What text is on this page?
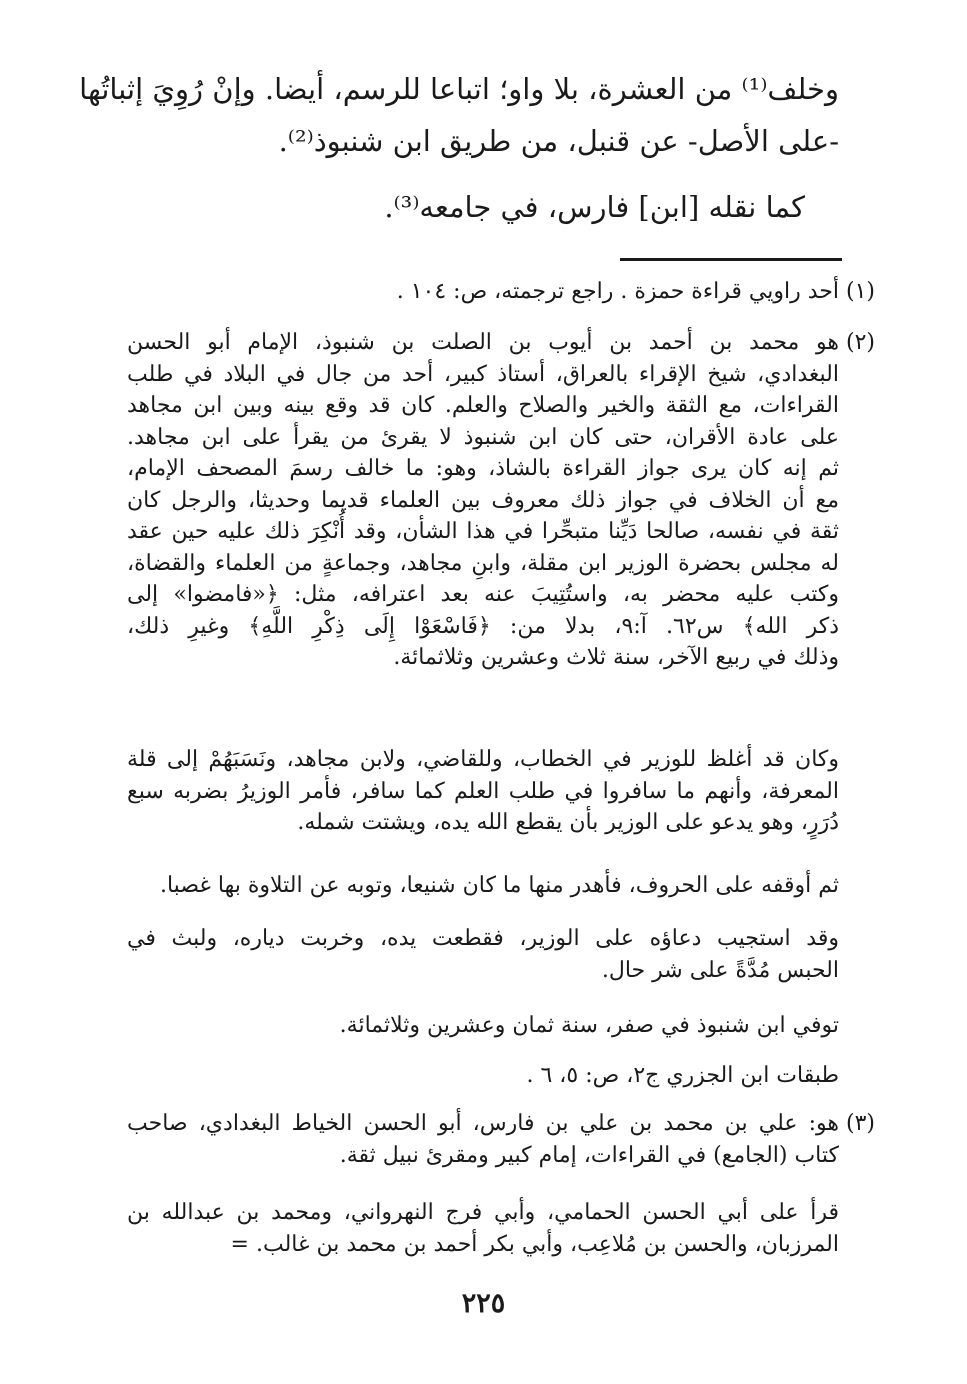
وخلف⁽¹⁾ من العشرة، بلا واو؛ اتباعا للرسم، أيضا. وإنْ رُوِيَ إثباتُها
-على الأصل- عن قنبل، من طريق ابن شنبوذ⁽²⁾.
كما نقله [ابن] فارس، في جامعه⁽³⁾.
(١)
أحد راويي قراءة حمزة . راجع ترجمته، ص: ١٠٤ .
(٢)
هو محمد بن أحمد بن أيوب بن الصلت بن شنبوذ، الإمام أبو الحسن
البغدادي، شيخ الإقراء بالعراق، أستاذ كبير، أحد من جال في البلاد في طلب
القراءات، مع الثقة والخير والصلاح والعلم. كان قد وقع بينه وبين ابن مجاهد
على عادة الأقران، حتى كان ابن شنبوذ لا يقرئ من يقرأ على ابن مجاهد.
ثم إنه كان يرى جواز القراءة بالشاذ، وهو: ما خالف رسمَ المصحف الإمام،
مع أن الخلاف في جواز ذلك معروف بين العلماء قديما وحديثا، والرجل كان
ثقة في نفسه، صالحا دَيِّنا متبحِّرا في هذا الشأن، وقد أُنْكِرَ ذلك عليه حين عقد
له مجلس بحضرة الوزير ابن مقلة، وابنِ مجاهد، وجماعةٍ من العلماء والقضاة،
وكتب عليه محضر به، واستُتِيبَ عنه بعد اعترافه، مثل: ﴿«فامضوا» إلى
ذكر الله﴾ س٦٢. آ:٩، بدلا من: ﴿فَاسْعَوْا إِلَى ذِكْرِ اللَّهِ﴾ وغيرِ ذلك،
وذلك في ربيع الآخر، سنة ثلاث وعشرين وثلاثمائة.
وكان قد أغلظ للوزير في الخطاب، وللقاضي، ولابن مجاهد، ونَسَبَهُمْ إلى قلة
المعرفة، وأنهم ما سافروا في طلب العلم كما سافر، فأمر الوزيرُ بضربه سبع
دُرَرٍ، وهو يدعو على الوزير بأن يقطع الله يده، ويشتت شمله.
ثم أوقفه على الحروف، فأهدر منها ما كان شنيعا، وتوبه عن التلاوة بها غصبا.
وقد استجيب دعاؤه على الوزير، فقطعت يده، وخربت دياره، ولبث في
الحبس مُدَّةً على شر حال.
توفي ابن شنبوذ في صفر، سنة ثمان وعشرين وثلاثمائة.
طبقات ابن الجزري ج٢، ص: ٥، ٦ .
(٣)
هو: علي بن محمد بن علي بن فارس، أبو الحسن الخياط البغدادي، صاحب
كتاب (الجامع) في القراءات، إمام كبير ومقرئ نبيل ثقة.
قرأ على أبي الحسن الحمامي، وأبي فرج النهرواني، ومحمد بن عبدالله بن
المرزبان، والحسن بن مُلاعِب، وأبي بكر أحمد بن محمد بن غالب. =
٢٢٥
